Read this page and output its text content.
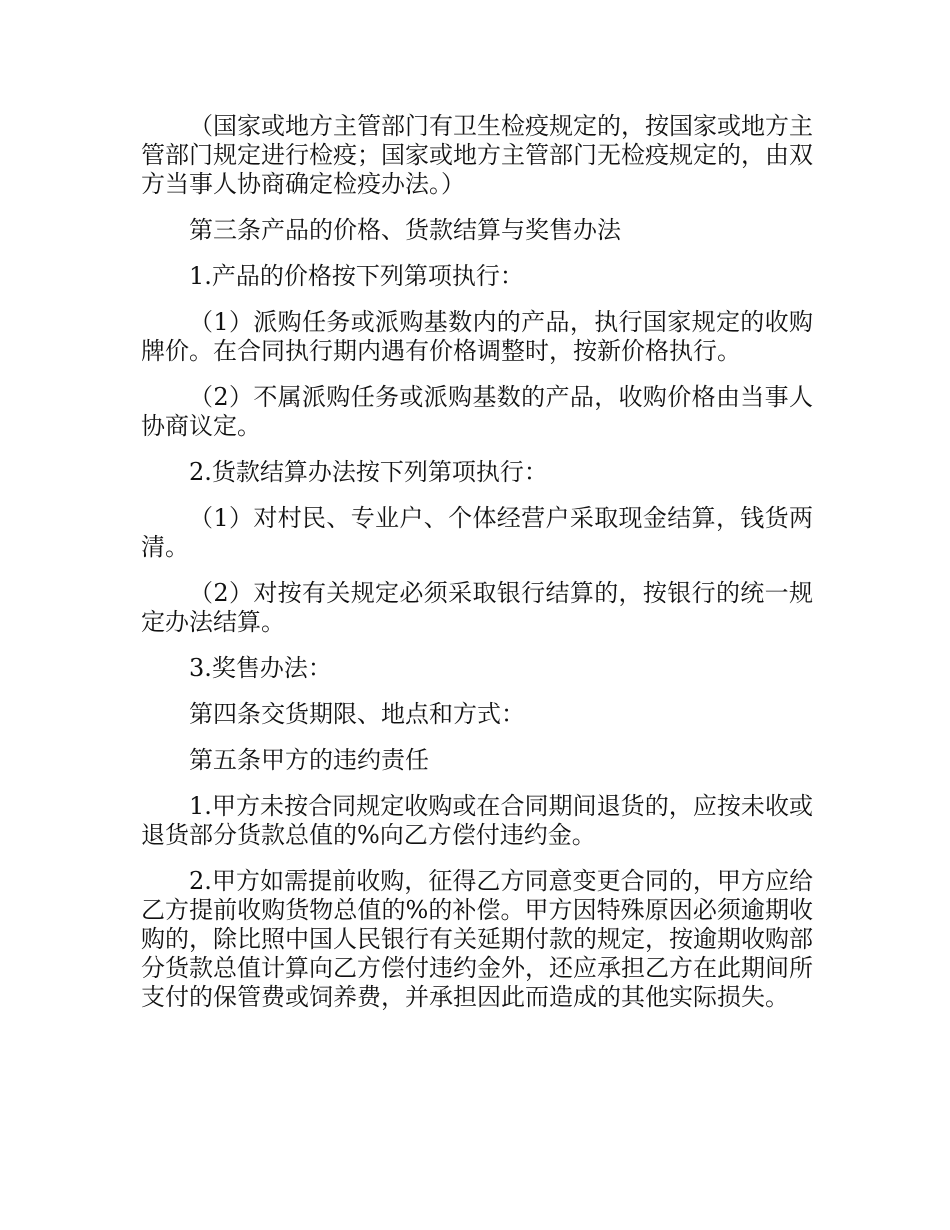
（国家或地方主管部门有卫生检疫规定的，按国家或地方主管部门规定进行检疫；国家或地方主管部门无检疫规定的，由双方当事人协商确定检疫办法。）

第三条产品的价格、货款结算与奖售办法

1.产品的价格按下列第项执行：

（1）派购任务或派购基数内的产品，执行国家规定的收购牌价。在合同执行期内遇有价格调整时，按新价格执行。

（2）不属派购任务或派购基数的产品，收购价格由当事人协商议定。

2.货款结算办法按下列第项执行：

（1）对村民、专业户、个体经营户采取现金结算，钱货两清。

（2）对按有关规定必须采取银行结算的，按银行的统一规定办法结算。

3.奖售办法：

第四条交货期限、地点和方式：

第五条甲方的违约责任

1.甲方未按合同规定收购或在合同期间退货的，应按未收或退货部分货款总值的%向乙方偿付违约金。

2.甲方如需提前收购，征得乙方同意变更合同的，甲方应给乙方提前收购货物总值的%的补偿。甲方因特殊原因必须逾期收购的，除比照中国人民银行有关延期付款的规定，按逾期收购部分货款总值计算向乙方偿付违约金外，还应承担乙方在此期间所支付的保管费或饲养费，并承担因此而造成的其他实际损失。
